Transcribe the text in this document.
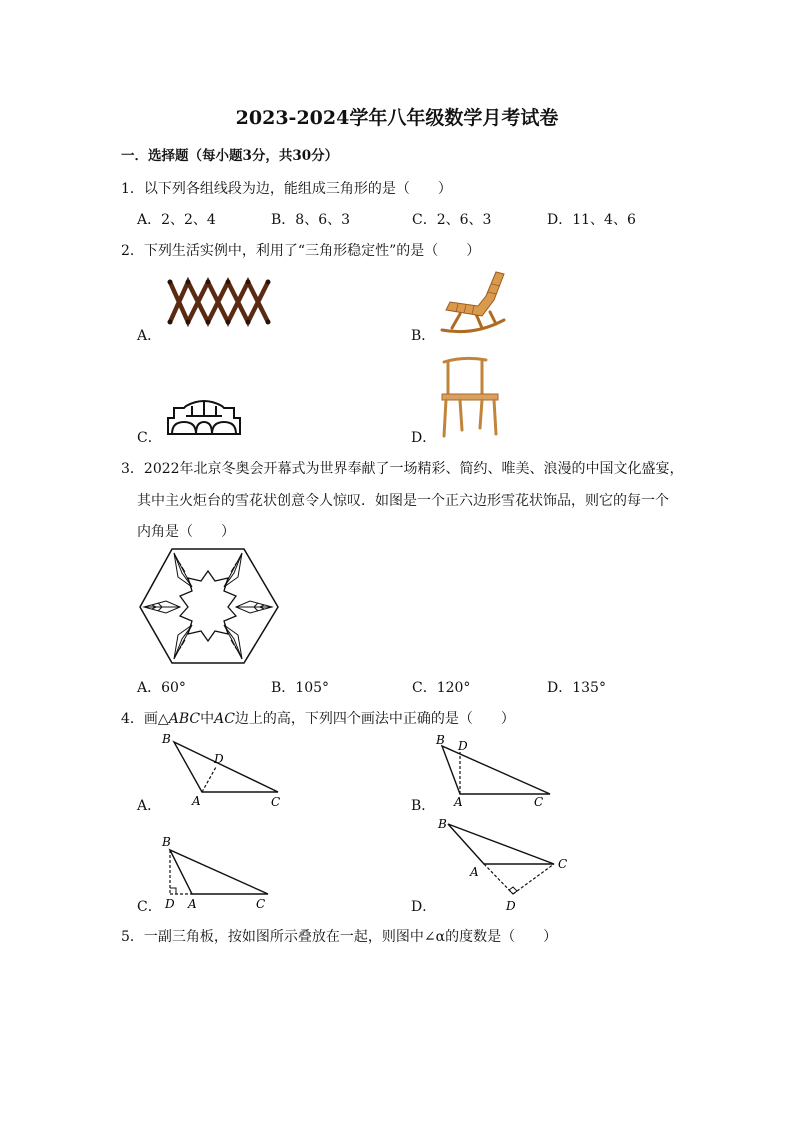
2023-2024学年八年级数学月考试卷
一．选择题（每小题3分，共30分）
1．以下列各组线段为边，能组成三角形的是（　　）
A．2、2、4	B．8、6、3	C．2、6、3	D．11、4、6
2．下列生活实例中，利用了“三角形稳定性”的是（　　）
A．	B．
C．	D．
3．2022年北京冬奥会开幕式为世界奉献了一场精彩、简约、唯美、浪漫的中国文化盛宴，
其中主火炬台的雪花状创意令人惊叹．如图是一个正六边形雪花状饰品，则它的每一个
内角是（　　）
A．60°	B．105°	C．120°	D．135°
4．画△ABC中AC边上的高，下列四个画法中正确的是（　　）
A．	B．
C．	D．
B
D
A	C
B D
A	C
B
D A	C
B
A
C
D
5．一副三角板，按如图所示叠放在一起，则图中∠α的度数是（　　）
